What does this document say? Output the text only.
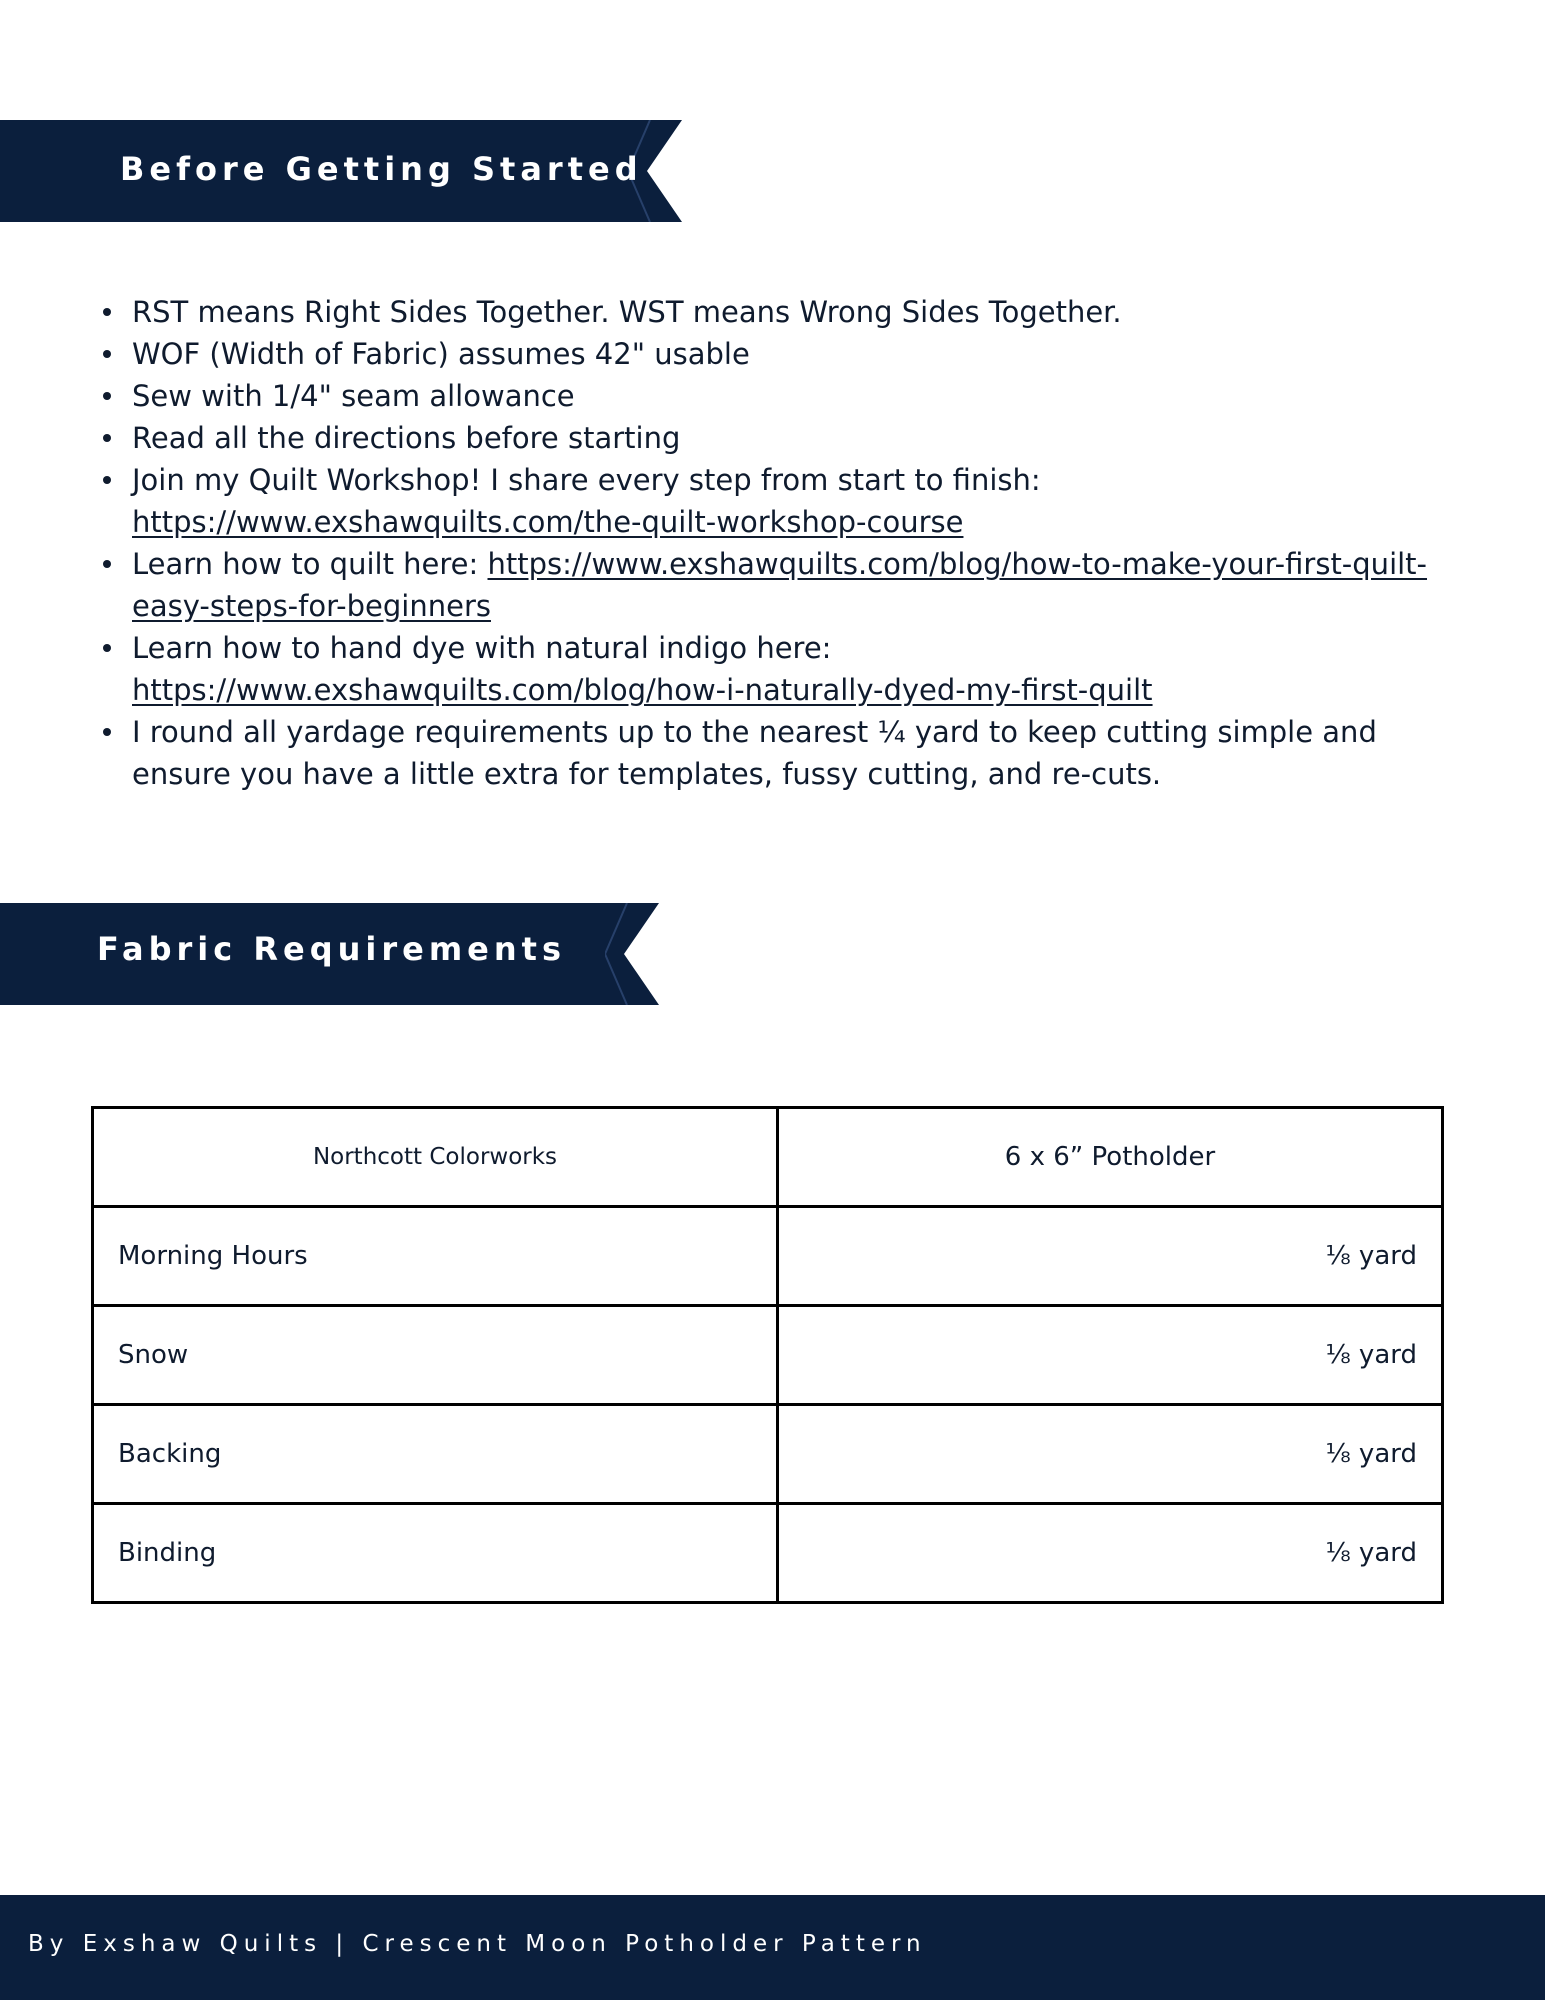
Before Getting Started
RST means Right Sides Together. WST means Wrong Sides Together.
WOF (Width of Fabric) assumes 42" usable
Sew with 1/4" seam allowance
Read all the directions before starting
Join my Quilt Workshop! I share every step from start to finish: https://www.exshawquilts.com/the-quilt-workshop-course
Learn how to quilt here: https://www.exshawquilts.com/blog/how-to-make-your-first-quilt-easy-steps-for-beginners
Learn how to hand dye with natural indigo here: https://www.exshawquilts.com/blog/how-i-naturally-dyed-my-first-quilt
I round all yardage requirements up to the nearest ¼ yard to keep cutting simple and ensure you have a little extra for templates, fussy cutting, and re-cuts.
Fabric Requirements
Northcott Colorworks	6 x 6” Potholder
Morning Hours	⅛ yard
Snow	⅛ yard
Backing	⅛ yard
Binding	⅛ yard
By Exshaw Quilts | Crescent Moon Potholder Pattern
